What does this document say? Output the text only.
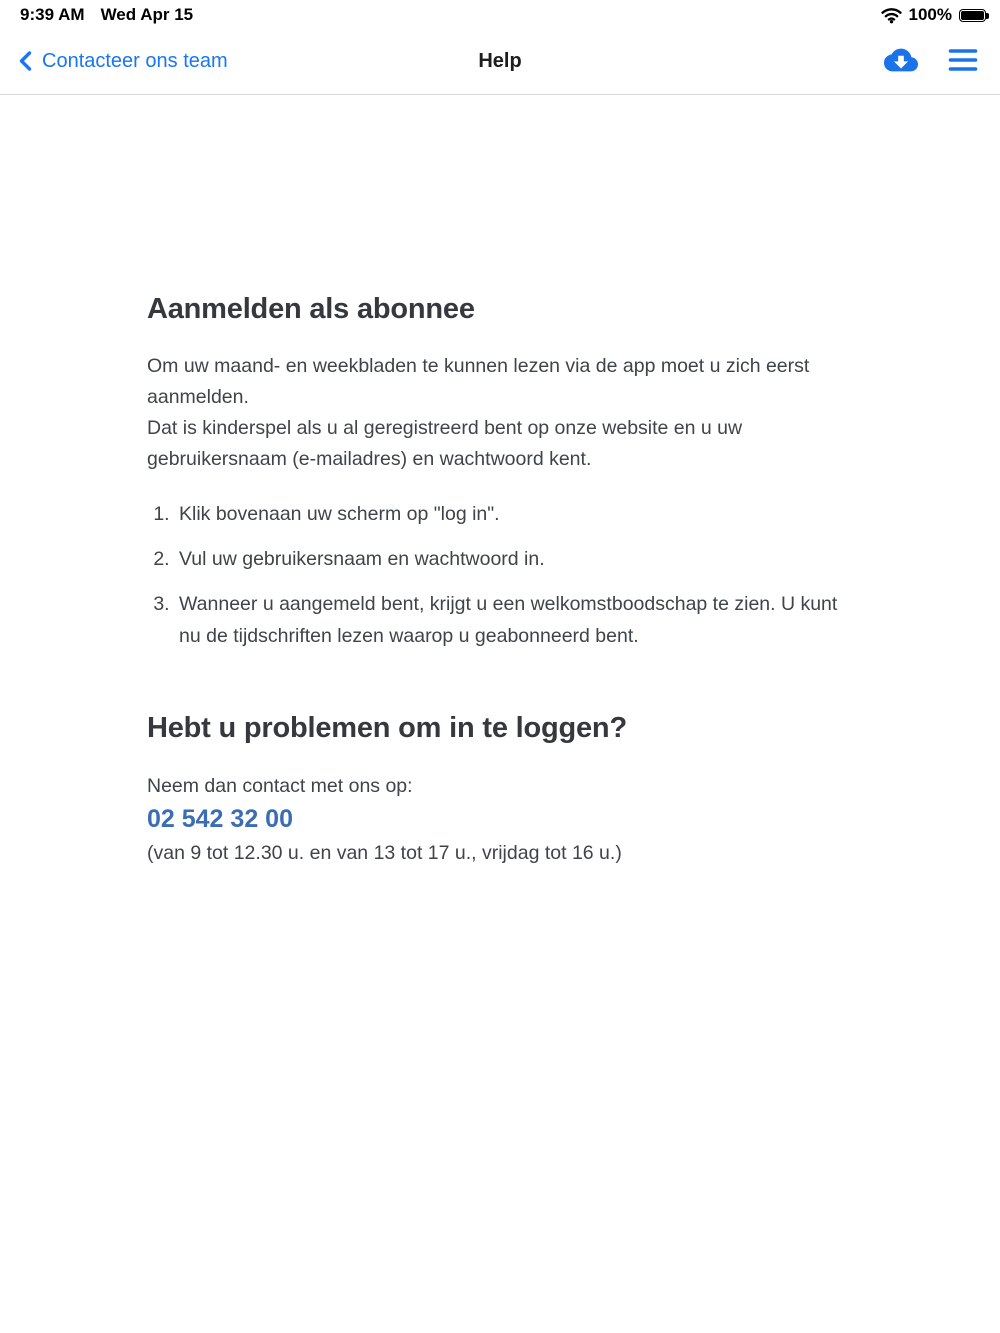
9:39 AM Wed Apr 15	100%
Contacteer ons team	Help
Aanmelden als abonnee

Om uw maand- en weekbladen te kunnen lezen via de app moet u zich eerst aanmelden.
Dat is kinderspel als u al geregistreerd bent op onze website en u uw gebruikersnaam (e-mailadres) en wachtwoord kent.

1. Klik bovenaan uw scherm op "log in".
2. Vul uw gebruikersnaam en wachtwoord in.
3. Wanneer u aangemeld bent, krijgt u een welkomstboodschap te zien. U kunt nu de tijdschriften lezen waarop u geabonneerd bent.
Hebt u problemen om in te loggen?

Neem dan contact met ons op:

02 542 32 00

(van 9 tot 12.30 u. en van 13 tot 17 u., vrijdag tot 16 u.)
